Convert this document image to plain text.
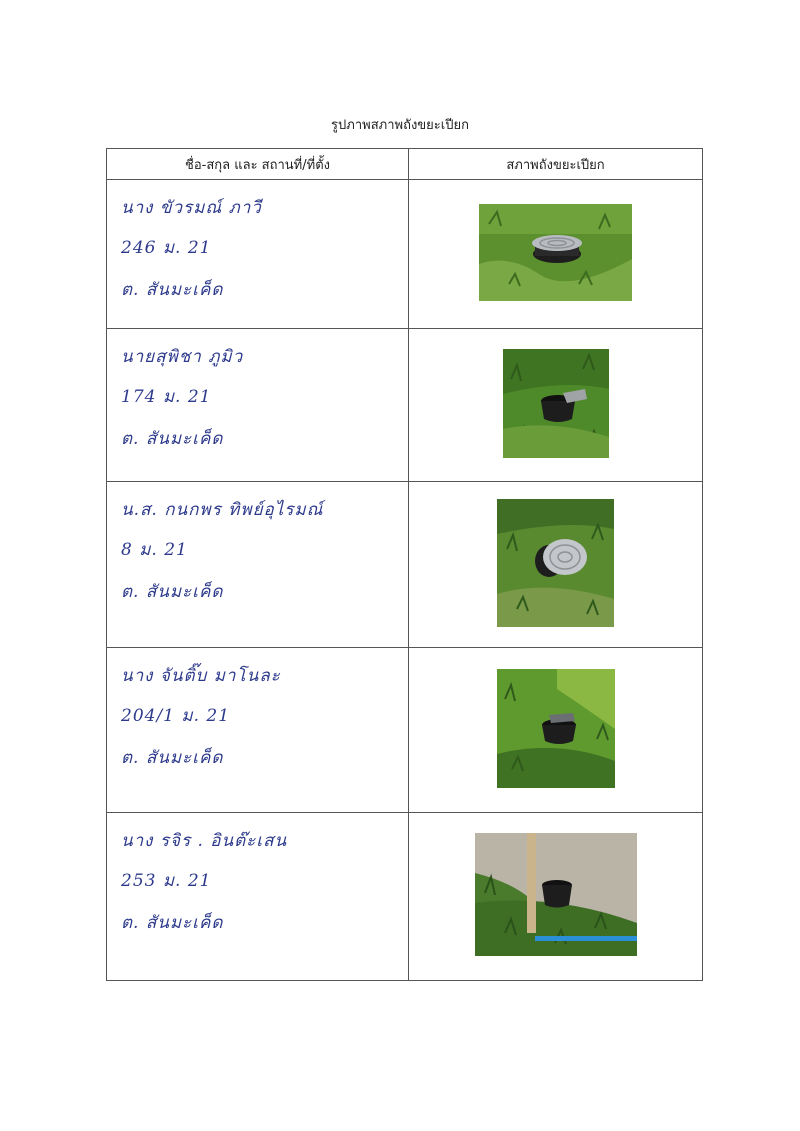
รูปภาพสภาพถังขยะเปียก
ชื่อ-สกุล และ สถานที่/ที่ตั้ง	สภาพถังขยะเปียก

นาง ขัวรมณ์ ภาวี
246 ม. 21
ต. สันมะเค็ด

นายสุพิชา ภูมิว
174 ม. 21
ต. สันมะเค็ด

น.ส. กนกพร ทิพย์อุไรมณ์
8 ม. 21
ต. สันมะเค็ด

นาง จันติ๊บ มาโนละ
204/1 ม. 21
ต. สันมะเค็ด

นาง รจิร . อินต๊ะเสน
253 ม. 21
ต. สันมะเค็ด
